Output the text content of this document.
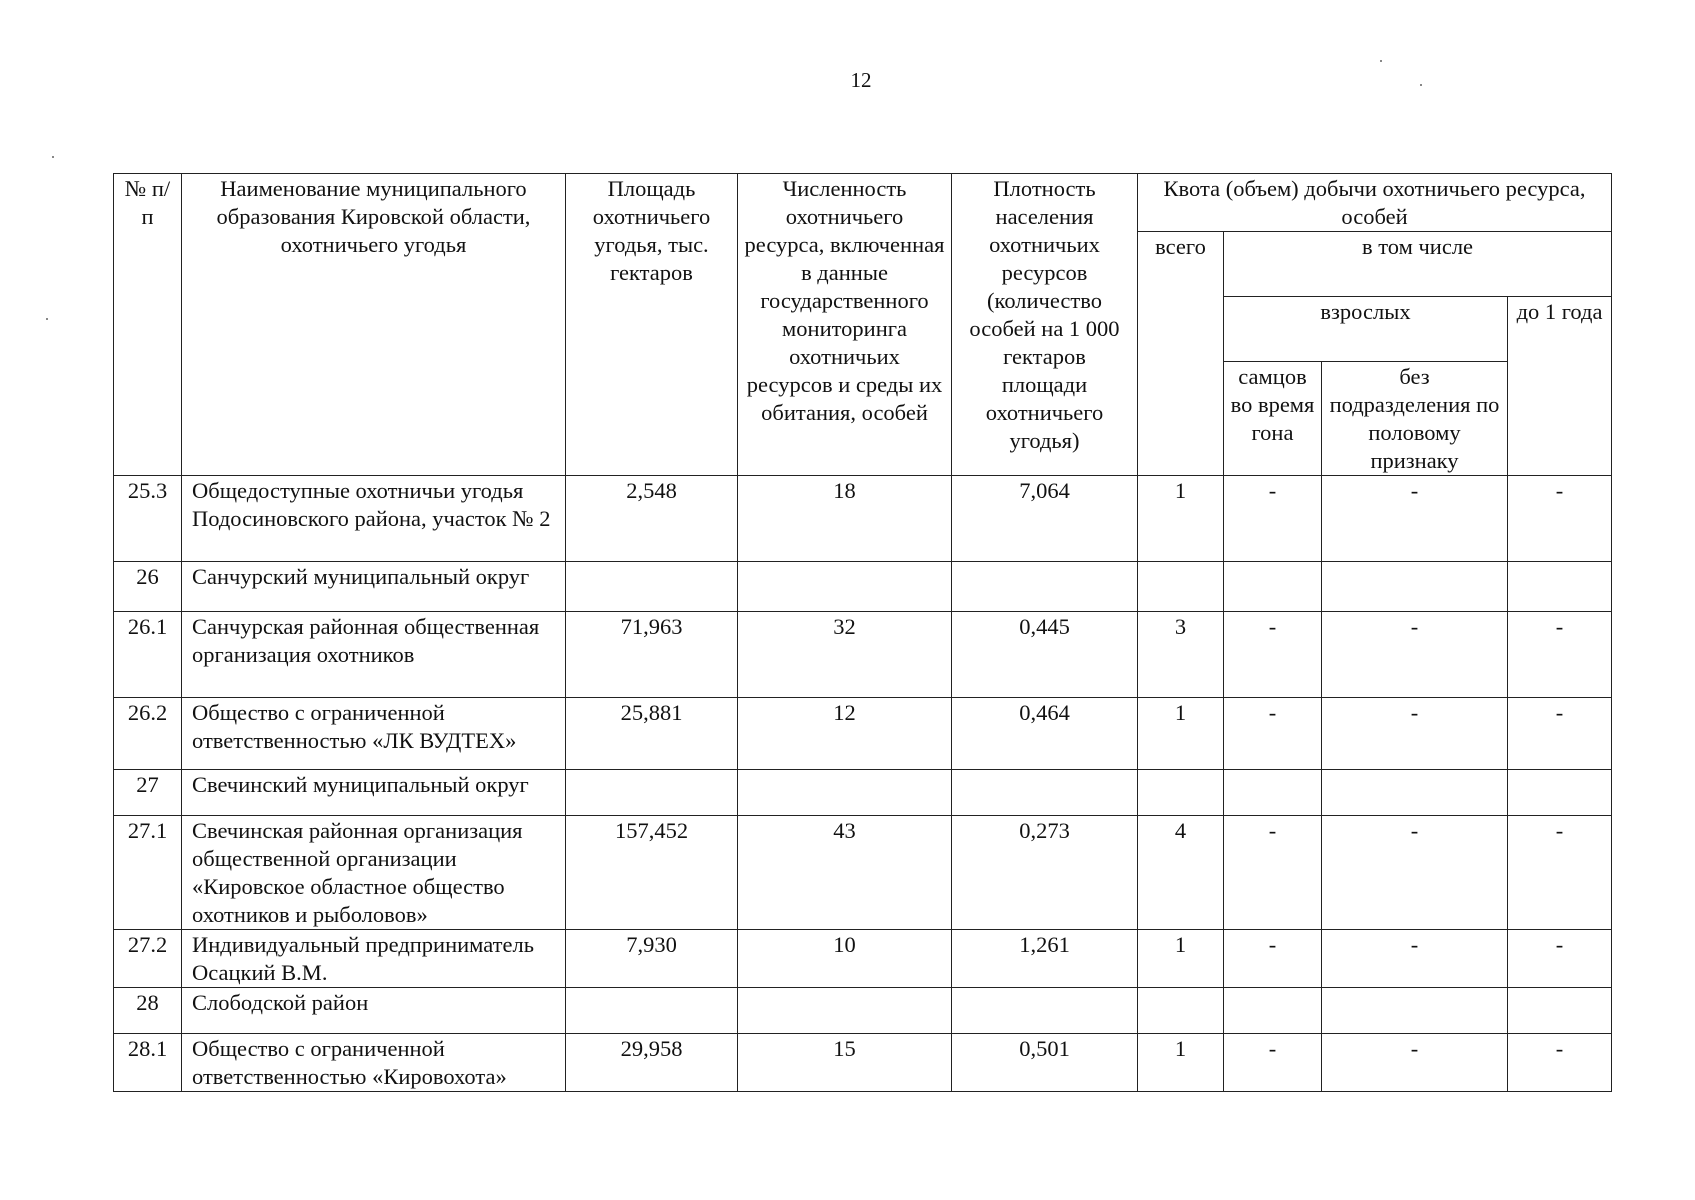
12
№ п/п	Наименование муниципального образования Кировской области, охотничьего угодья	Площадь охотничьего угодья, тыс. гектаров	Численность охотничьего ресурса, включенная в данные государственного мониторинга охотничьих ресурсов и среды их обитания, особей	Плотность населения охотничьих ресурсов (количество особей на 1 000 гектаров площади охотничьего угодья)	Квота (объем) добычи охотничьего ресурса, особей			
					всего	в том числе		
						взрослых		до 1 года
						самцов во время гона	без подразделения по половому признаку	
25.3	Общедоступные охотничьи угодья Подосиновского района, участок № 2	2,548	18	7,064	1	-	-	-
26	Санчурский муниципальный округ							
26.1	Санчурская районная общественная организация охотников	71,963	32	0,445	3	-	-	-
26.2	Общество с ограниченной ответственностью «ЛК ВУДТЕХ»	25,881	12	0,464	1	-	-	-
27	Свечинский муниципальный округ							
27.1	Свечинская районная организация общественной организации «Кировское областное общество охотников и рыболовов»	157,452	43	0,273	4	-	-	-
27.2	Индивидуальный предприниматель Осацкий В.М.	7,930	10	1,261	1	-	-	-
28	Слободской район							
28.1	Общество с ограниченной ответственностью «Кировохота»	29,958	15	0,501	1	-	-	-
